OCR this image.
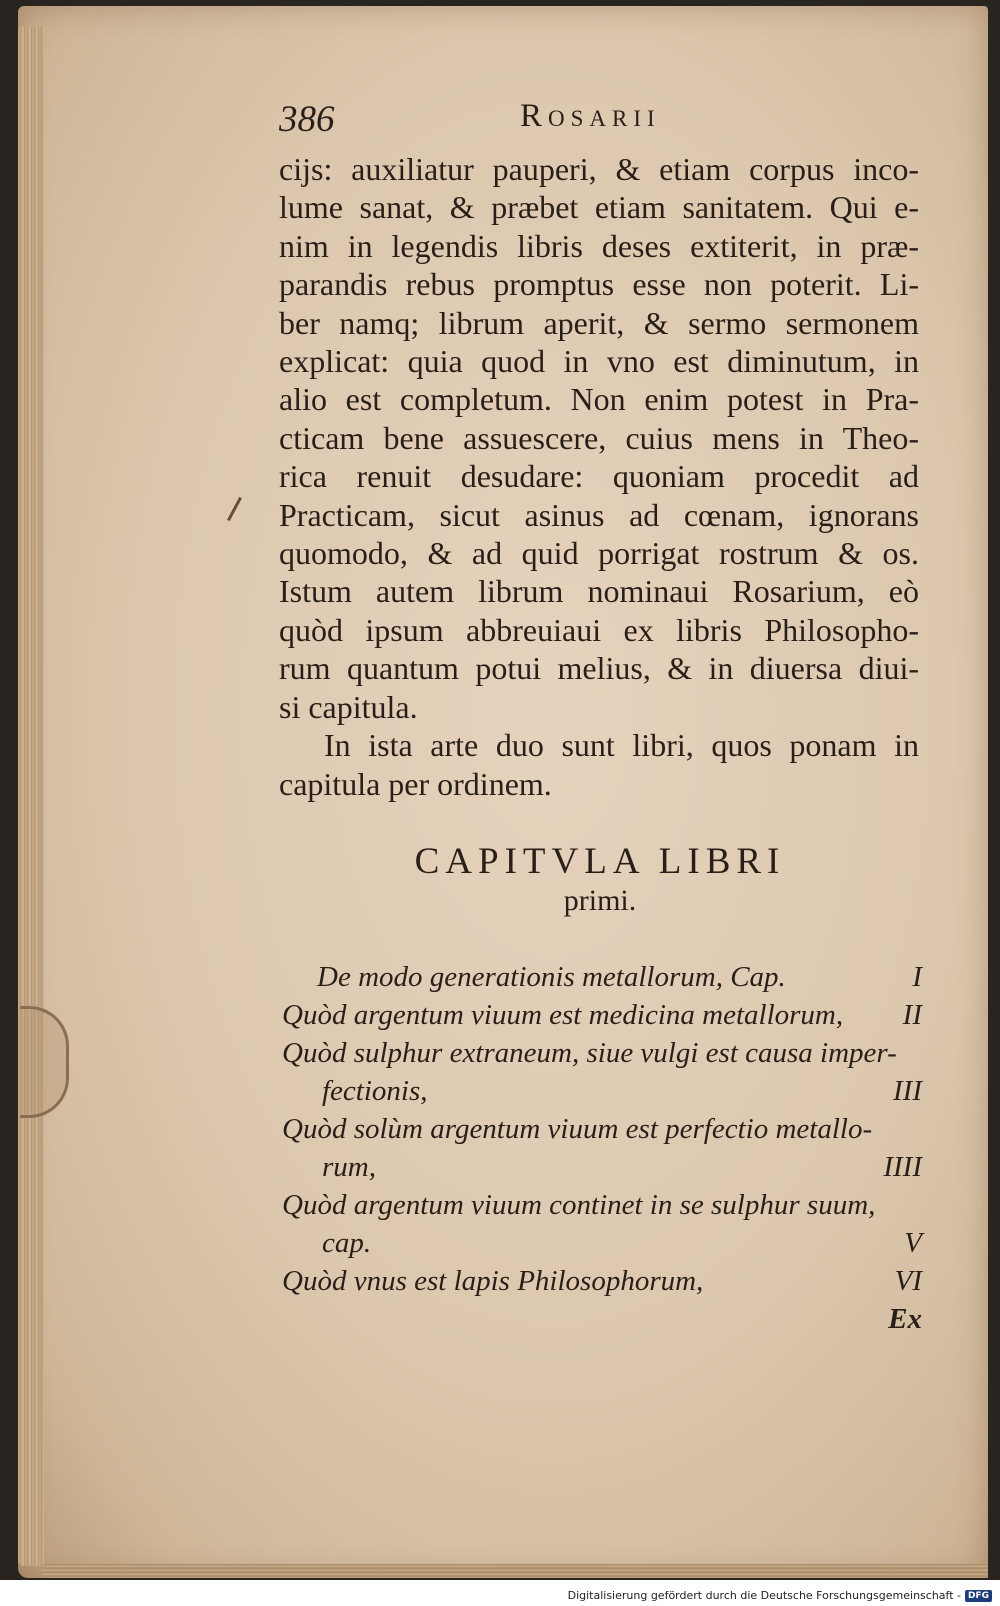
386	Rosarii
cijs: auxiliatur pauperi, & etiam corpus inco-
lume sanat, & præbet etiam sanitatem. Qui e-
nim in legendis libris deses extiterit, in præ-
parandis rebus promptus esse non poterit. Li-
ber namq; librum aperit, & sermo sermonem
explicat: quia quod in vno est diminutum, in
alio est completum. Non enim potest in Pra-
cticam bene assuescere, cuius mens in Theo-
rica renuit desudare: quoniam procedit ad
Practicam, sicut asinus ad cœnam, ignorans
quomodo, & ad quid porrigat rostrum & os.
Istum autem librum nominaui Rosarium, eò
quòd ipsum abbreuiaui ex libris Philosopho-
rum quantum potui melius, & in diuersa diui-
si capitula.
In ista arte duo sunt libri, quos ponam in
capitula per ordinem.
CAPITVLA LIBRI
primi.
De modo generationis metallorum, Cap.	I
Quòd argentum viuum est medicina metallorum, II
Quòd sulphur extraneum, siue vulgi est causa imper-
fectionis,	III
Quòd solùm argentum viuum est perfectio metallo-
rum,	IIII
Quòd argentum viuum continet in se sulphur suum,
cap.	V
Quòd vnus est lapis Philosophorum,	VI
Ex
Digitalisierung gefördert durch die Deutsche Forschungsgemeinschaft - DFG
